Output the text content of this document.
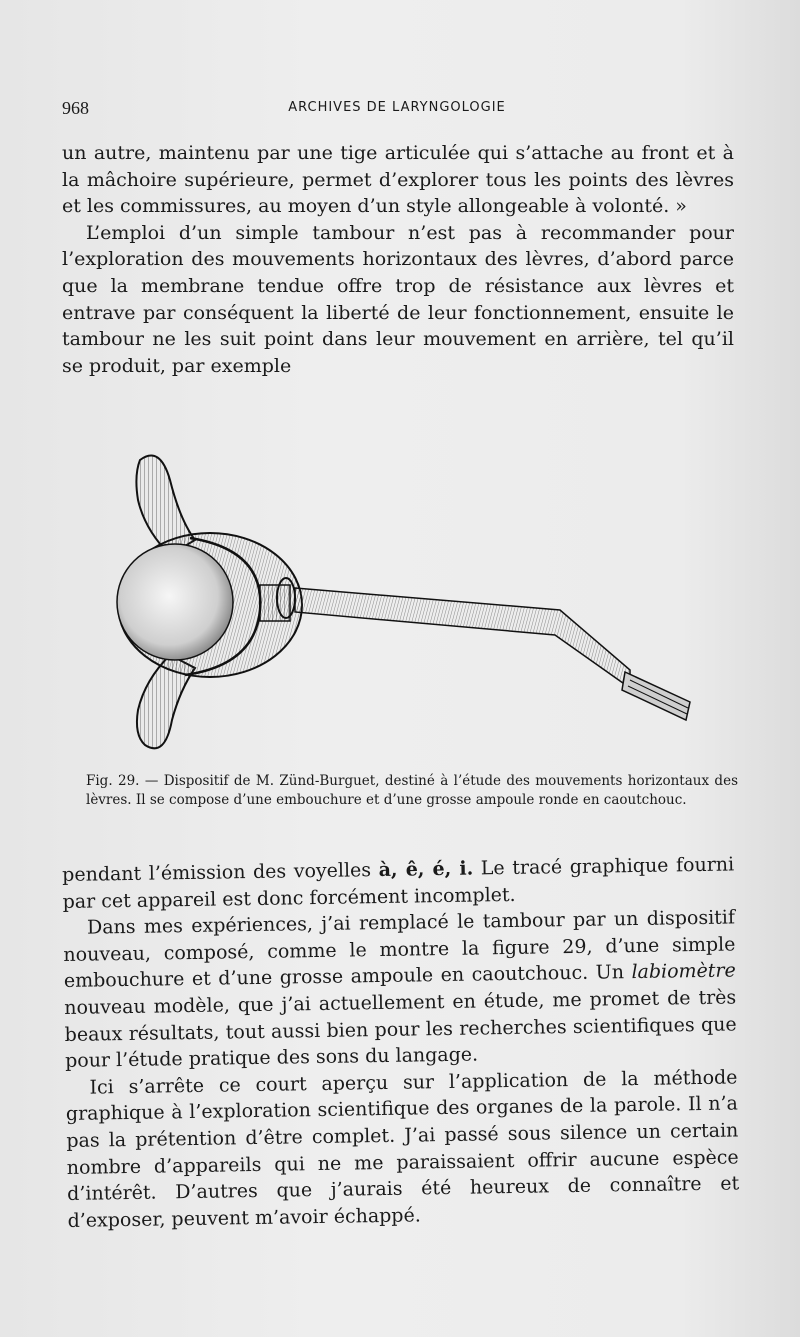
968	ARCHIVES DE LARYNGOLOGIE

un autre, maintenu par une tige articulée qui s’attache au front et à la mâchoire supérieure, permet d’explorer tous les points des lèvres et les commissures, au moyen d’un style allongeable à volonté. »

L’emploi d’un simple tambour n’est pas à recommander pour l’exploration des mouvements horizontaux des lèvres, d’abord parce que la membrane tendue offre trop de résistance aux lèvres et entrave par conséquent la liberté de leur fonctionnement, ensuite le tambour ne les suit point dans leur mouvement en arrière, tel qu’il se produit, par exemple

Fig. 29. — Dispositif de M. Zünd-Burguet, destiné à l’étude des mouvements horizontaux des lèvres. Il se compose d’une embouchure et d’une grosse ampoule ronde en caoutchouc.

pendant l’émission des voyelles à, ê, é, i. Le tracé graphique fourni par cet appareil est donc forcément incomplet.

Dans mes expériences, j’ai remplacé le tambour par un dispositif nouveau, composé, comme le montre la figure 29, d’une simple embouchure et d’une grosse ampoule en caoutchouc. Un labiomètre nouveau modèle, que j’ai actuellement en étude, me promet de très beaux résultats, tout aussi bien pour les recherches scientifiques que pour l’étude pratique des sons du langage.

Ici s’arrête ce court aperçu sur l’application de la méthode graphique à l’exploration scientifique des organes de la parole. Il n’a pas la prétention d’être complet. J’ai passé sous silence un certain nombre d’appareils qui ne me paraissaient offrir aucune espèce d’intérêt. D’autres que j’aurais été heureux de connaître et d’exposer, peuvent m’avoir échappé.
